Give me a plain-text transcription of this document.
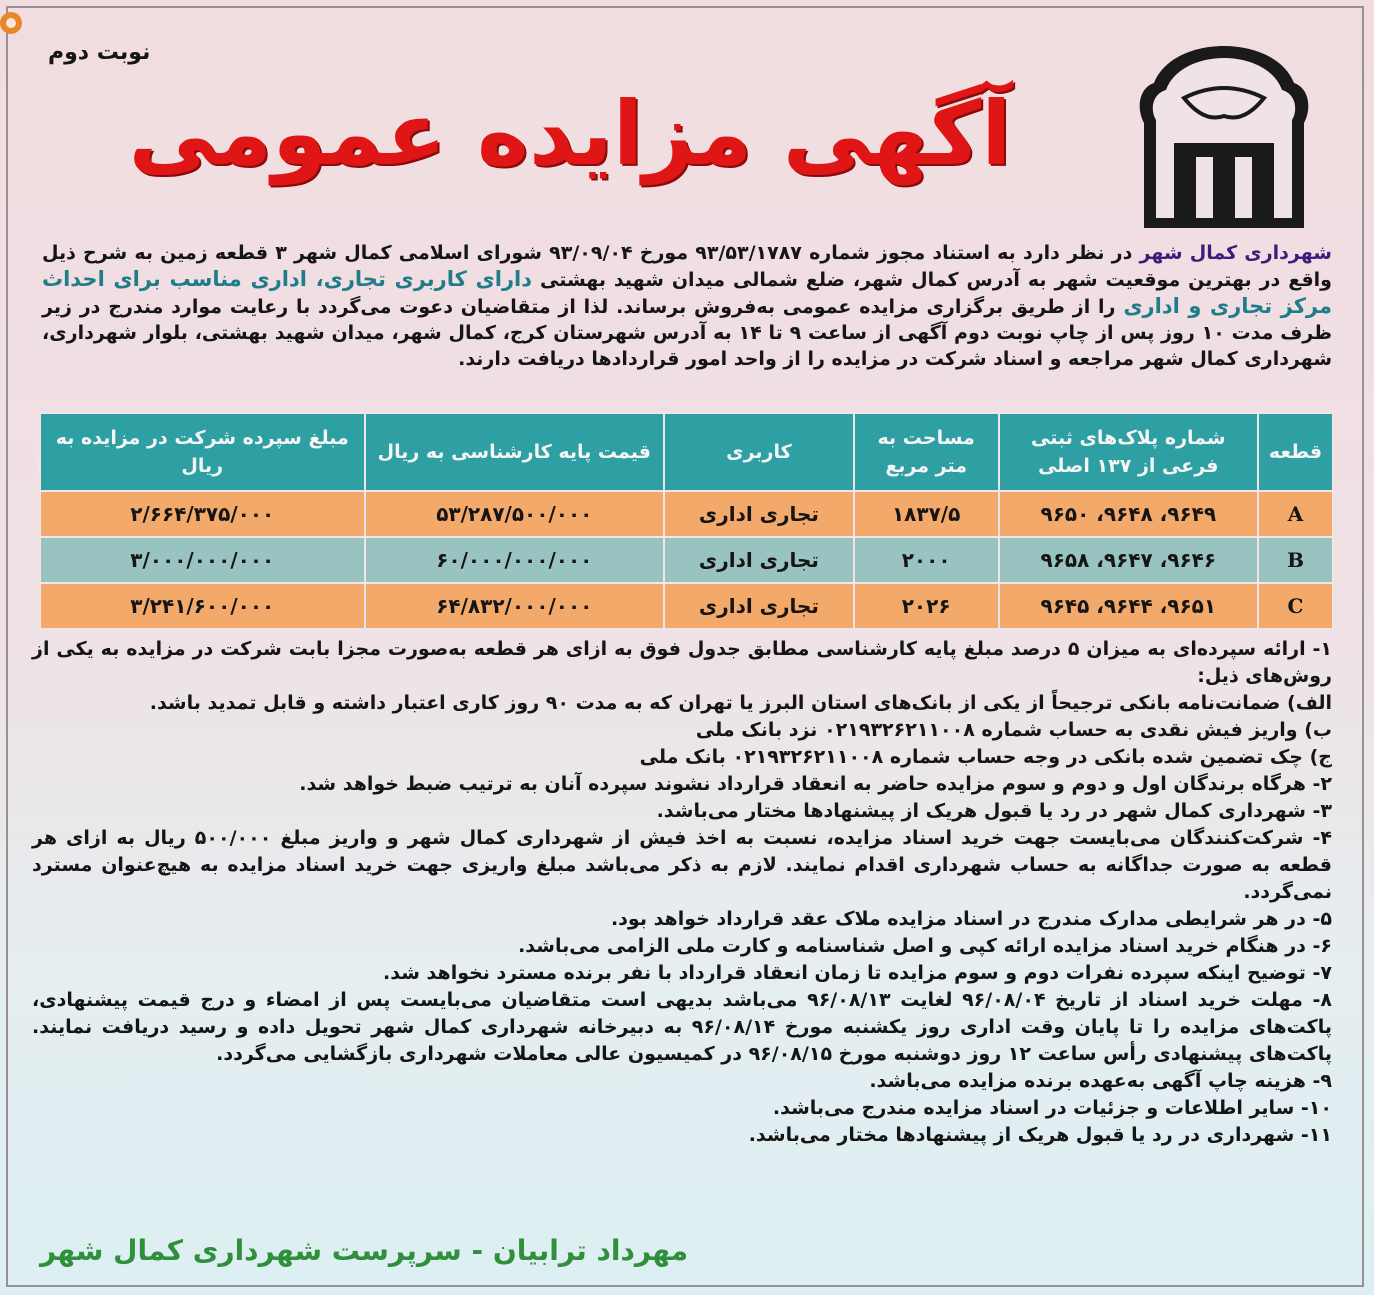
نوبت دوم
آگهی مزایده عمومی
شهرداری کمال شهر در نظر دارد به استناد مجوز شماره ۹۳/۵۳/۱۷۸۷ مورخ ۹۳/۰۹/۰۴ شورای اسلامی کمال شهر ۳ قطعه زمین به شرح ذیل واقع در بهترین موقعیت شهر به آدرس کمال شهر، ضلع شمالی میدان شهید بهشتی دارای کاربری تجاری، اداری مناسب برای احداث مرکز تجاری و اداری را از طریق برگزاری مزایده عمومی به‌فروش برساند. لذا از متقاضیان دعوت می‌گردد با رعایت موارد مندرج در زیر ظرف مدت ۱۰ روز پس از چاپ نوبت دوم آگهی از ساعت ۹ تا ۱۴ به آدرس شهرستان کرج، کمال شهر، میدان شهید بهشتی، بلوار شهرداری، شهرداری کمال شهر مراجعه و اسناد شرکت در مزایده را از واحد امور قراردادها دریافت دارند.
قطعه	شماره پلاک‌های ثبتی فرعی از ۱۳۷ اصلی	مساحت به متر مربع	کاربری	قیمت پایه کارشناسی به ریال	مبلغ سپرده شرکت در مزایده به ریال
A	۹۶۴۹، ۹۶۴۸، ۹۶۵۰	۱۸۳۷/۵	تجاری اداری	۵۳/۲۸۷/۵۰۰/۰۰۰	۲/۶۶۴/۳۷۵/۰۰۰
B	۹۶۴۶، ۹۶۴۷، ۹۶۵۸	۲۰۰۰	تجاری اداری	۶۰/۰۰۰/۰۰۰/۰۰۰	۳/۰۰۰/۰۰۰/۰۰۰
C	۹۶۵۱، ۹۶۴۴، ۹۶۴۵	۲۰۲۶	تجاری اداری	۶۴/۸۳۲/۰۰۰/۰۰۰	۳/۲۴۱/۶۰۰/۰۰۰

۱- ارائه سپرده‌ای به میزان ۵ درصد مبلغ پایه کارشناسی مطابق جدول فوق به ازای هر قطعه به‌صورت مجزا بابت شرکت در مزایده به یکی از روش‌های ذیل:

الف) ضمانت‌نامه بانکی ترجیحاً از یکی از بانک‌های استان البرز یا تهران که به مدت ۹۰ روز کاری اعتبار داشته و قابل تمدید باشد.

ب) واریز فیش نقدی به حساب شماره ۰۲۱۹۳۲۶۲۱۱۰۰۸ نزد بانک ملی

ج) چک تضمین شده بانکی در وجه حساب شماره ۰۲۱۹۳۲۶۲۱۱۰۰۸ بانک ملی

۲- هرگاه برندگان اول و دوم و سوم مزایده حاضر به انعقاد قرارداد نشوند سپرده آنان به ترتیب ضبط خواهد شد.

۳- شهرداری کمال شهر در رد یا قبول هریک از پیشنهادها مختار می‌باشد.

۴- شرکت‌کنندگان می‌بایست جهت خرید اسناد مزایده، نسبت به اخذ فیش از شهرداری کمال شهر و واریز مبلغ ۵۰۰/۰۰۰ ریال به ازای هر قطعه به صورت جداگانه به حساب شهرداری اقدام نمایند. لازم به ذکر می‌باشد مبلغ واریزی جهت خرید اسناد مزایده به هیچ‌عنوان مسترد نمی‌گردد.

۵- در هر شرایطی مدارک مندرج در اسناد مزایده ملاک عقد قرارداد خواهد بود.

۶- در هنگام خرید اسناد مزایده ارائه کپی و اصل شناسنامه و کارت ملی الزامی می‌باشد.

۷- توضیح اینکه سپرده نفرات دوم و سوم مزایده تا زمان انعقاد قرارداد با نفر برنده مسترد نخواهد شد.

۸- مهلت خرید اسناد از تاریخ ۹۶/۰۸/۰۴ لغایت ۹۶/۰۸/۱۳ می‌باشد بدیهی است متقاضیان می‌بایست پس از امضاء و درج قیمت پیشنهادی، پاکت‌های مزایده را تا پایان وقت اداری روز یکشنبه مورخ ۹۶/۰۸/۱۴ به دبیرخانه شهرداری کمال شهر تحویل داده و رسید دریافت نمایند. پاکت‌های پیشنهادی رأس ساعت ۱۲ روز دوشنبه مورخ ۹۶/۰۸/۱۵ در کمیسیون عالی معاملات شهرداری بازگشایی می‌گردد.

۹- هزینه چاپ آگهی به‌عهده برنده مزایده می‌باشد.

۱۰- سایر اطلاعات و جزئیات در اسناد مزایده مندرج می‌باشد.

۱۱- شهرداری در رد یا قبول هریک از پیشنهادها مختار می‌باشد.

مهرداد ترابیان - سرپرست شهرداری کمال شهر
